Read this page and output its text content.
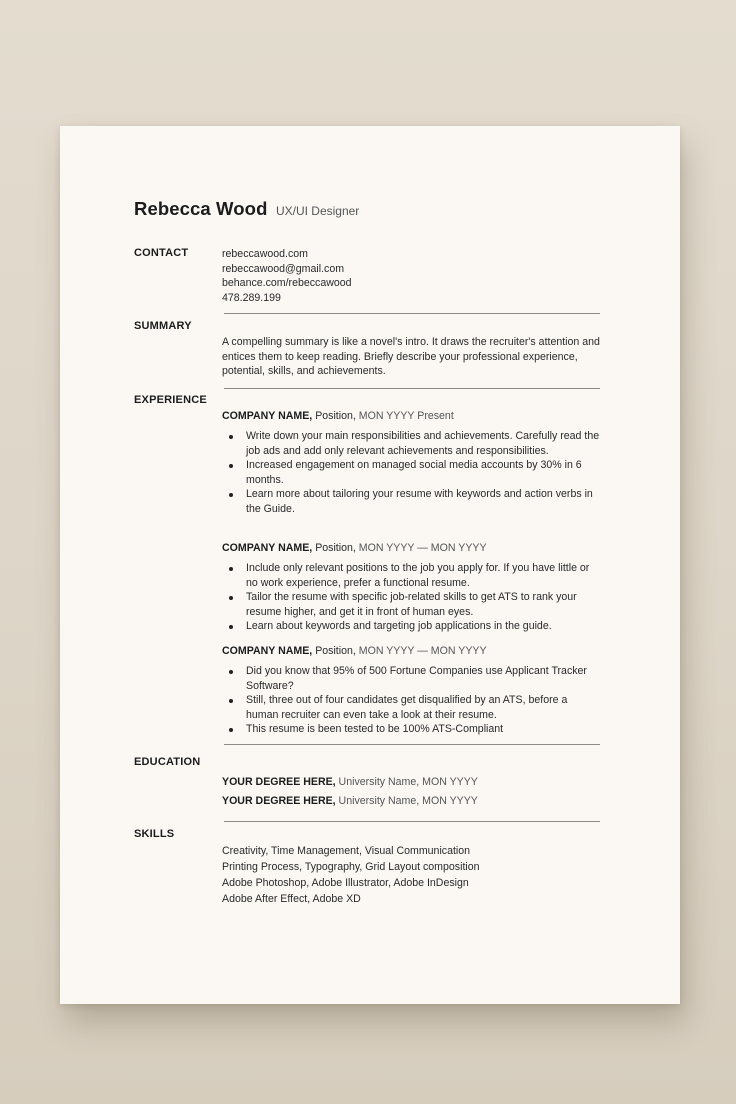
Rebecca Wood UX/UI Designer
CONTACT	rebeccawood.com
rebeccawood@gmail.com
behance.com/rebeccawood
478.289.199
SUMMARY
A compelling summary is like a novel's intro. It draws the recruiter's attention and entices them to keep reading. Briefly describe your professional experience, potential, skills, and achievements.
EXPERIENCE
COMPANY NAME, Position, MON YYYY Present
Write down your main responsibilities and achievements. Carefully read the job ads and add only relevant achievements and responsibilities.
Increased engagement on managed social media accounts by 30% in 6 months.
Learn more about tailoring your resume with keywords and action verbs in the Guide.
COMPANY NAME, Position, MON YYYY — MON YYYY
Include only relevant positions to the job you apply for. If you have little or no work experience, prefer a functional resume.
Tailor the resume with specific job-related skills to get ATS to rank your resume higher, and get it in front of human eyes.
Learn about keywords and targeting job applications in the guide.
COMPANY NAME, Position, MON YYYY — MON YYYY
Did you know that 95% of 500 Fortune Companies use Applicant Tracker Software?
Still, three out of four candidates get disqualified by an ATS, before a human recruiter can even take a look at their resume.
This resume is been tested to be 100% ATS-Compliant
EDUCATION
YOUR DEGREE HERE, University Name, MON YYYY
YOUR DEGREE HERE, University Name, MON YYYY
SKILLS
Creativity, Time Management, Visual Communication
Printing Process, Typography, Grid Layout composition
Adobe Photoshop, Adobe Illustrator, Adobe InDesign
Adobe After Effect, Adobe XD
